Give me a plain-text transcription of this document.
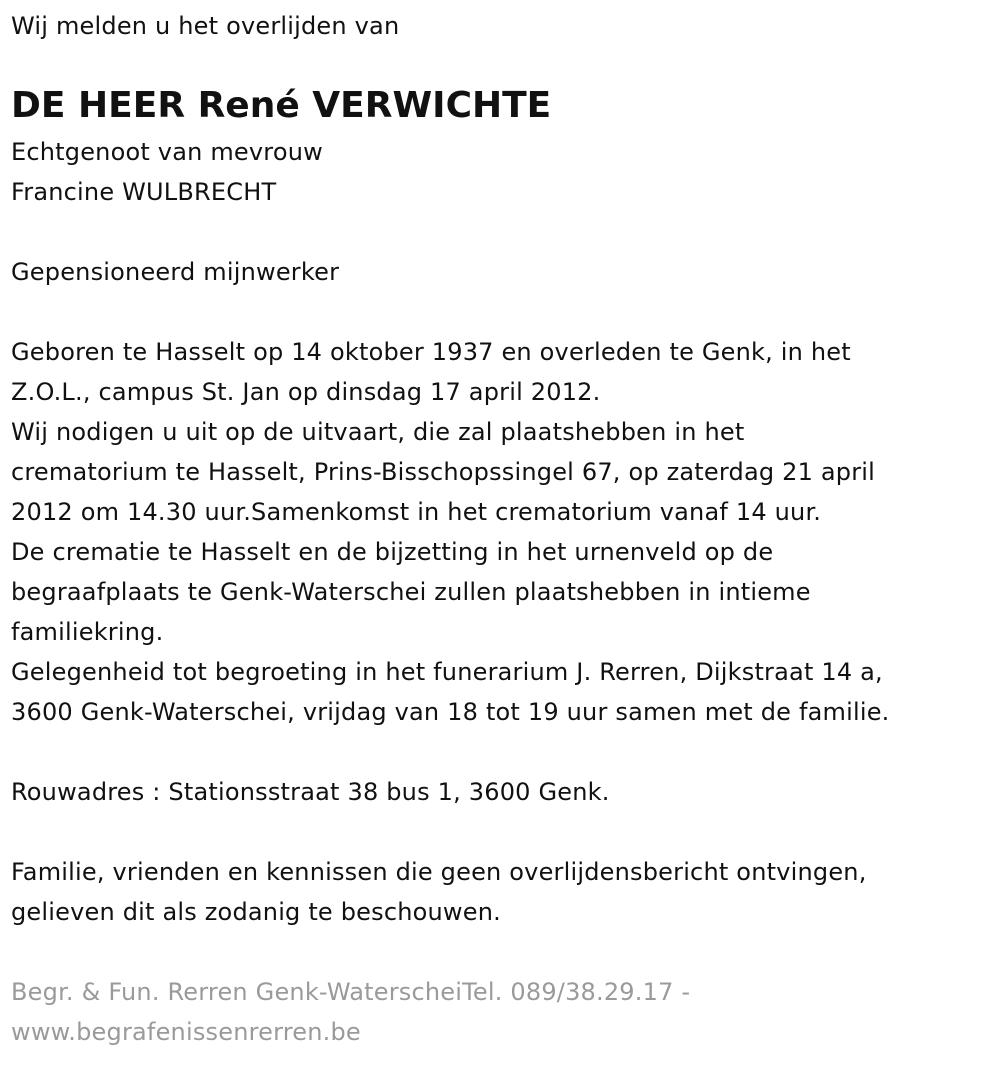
Wij melden u het overlijden van
DE HEER René VERWICHTE
Echtgenoot van mevrouw
Francine WULBRECHT
Gepensioneerd mijnwerker
Geboren te Hasselt op 14 oktober 1937 en overleden te Genk, in het
Z.O.L., campus St. Jan op dinsdag 17 april 2012.
Wij nodigen u uit op de uitvaart, die zal plaatshebben in het
crematorium te Hasselt, Prins-Bisschopssingel 67, op zaterdag 21 april
2012 om 14.30 uur.Samenkomst in het crematorium vanaf 14 uur.
De crematie te Hasselt en de bijzetting in het urnenveld op de
begraafplaats te Genk-Waterschei zullen plaatshebben in intieme
familiekring.
Gelegenheid tot begroeting in het funerarium J. Rerren, Dijkstraat 14 a,
3600 Genk-Waterschei, vrijdag van 18 tot 19 uur samen met de familie.
Rouwadres : Stationsstraat 38 bus 1, 3600 Genk.
Familie, vrienden en kennissen die geen overlijdensbericht ontvingen,
gelieven dit als zodanig te beschouwen.
Begr. & Fun. Rerren Genk-WaterscheiTel. 089/38.29.17 -
www.begrafenissenrerren.be
